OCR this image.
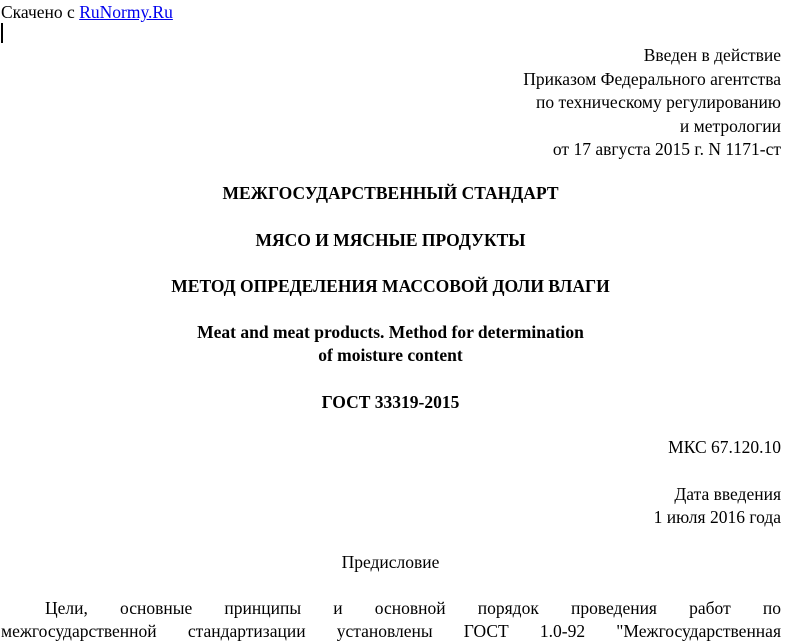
Скачено с RuNormy.Ru
Введен в действие
Приказом Федерального агентства
по техническому регулированию
и метрологии
от 17 августа 2015 г. N 1171-ст
МЕЖГОСУДАРСТВЕННЫЙ СТАНДАРТ
МЯСО И МЯСНЫЕ ПРОДУКТЫ
МЕТОД ОПРЕДЕЛЕНИЯ МАССОВОЙ ДОЛИ ВЛАГИ
Meat and meat products. Method for determination
of moisture content
ГОСТ 33319-2015
МКС 67.120.10
Дата введения
1 июля 2016 года
Предисловие
Цели, основные принципы и основной порядок проведения работ по
межгосударственной стандартизации установлены ГОСТ 1.0-92 "Межгосударственная
